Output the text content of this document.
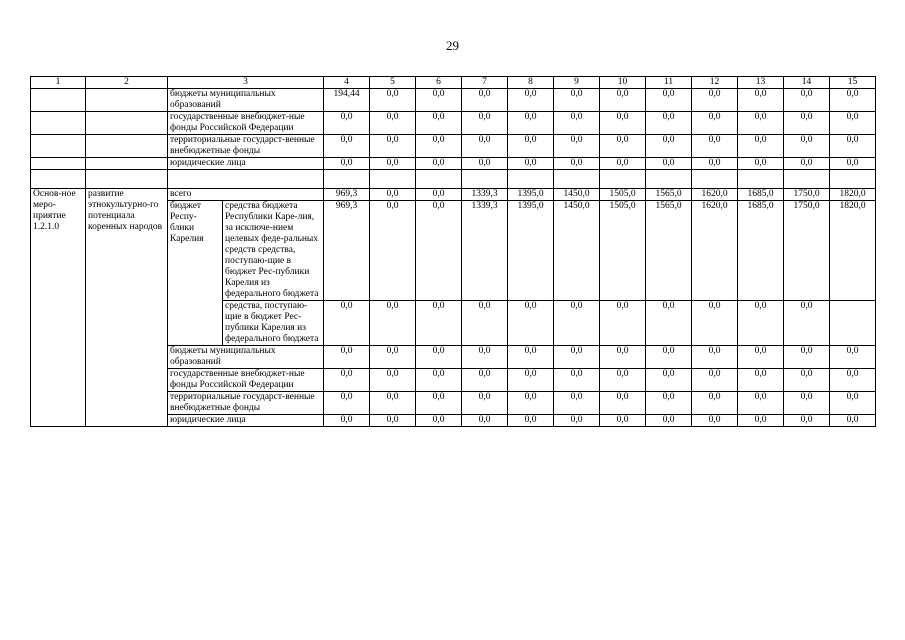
29
1	2	3		4	5	6	7	8	9	10	11	12	13	14	15
		бюджеты муниципальных образований		194,44	0,0	0,0	0,0	0,0	0,0	0,0	0,0	0,0	0,0	0,0	0,0
		государственные внебюджет-ные фонды Российской Федерации		0,0	0,0	0,0	0,0	0,0	0,0	0,0	0,0	0,0	0,0	0,0	0,0
		территориальные государст-венные внебюджетные фонды		0,0	0,0	0,0	0,0	0,0	0,0	0,0	0,0	0,0	0,0	0,0	0,0
		юридические лица		0,0	0,0	0,0	0,0	0,0	0,0	0,0	0,0	0,0	0,0	0,0	0,0

Основ-ное меро-приятие 1.2.1.0	развитие этнокультурно-го потенциала коренных народов	всего		969,3	0,0	0,0	1339,3	1395,0	1450,0	1505,0	1565,0	1620,0	1685,0	1750,0	1820,0
		бюджет Респу-блики Карелия	средства бюджета Республики Каре-лия, за исключе-нием целевых феде-ральных средств средства, поступаю-щие в бюджет Рес-публики Карелия из федерального бюджета	969,3	0,0	0,0	1339,3	1395,0	1450,0	1505,0	1565,0	1620,0	1685,0	1750,0	1820,0
			средства, поступаю-щие в бюджет Рес-публики Карелия из федерального бюджета	0,0	0,0	0,0	0,0	0,0	0,0	0,0	0,0	0,0	0,0	0,0	
		бюджеты муниципальных образований		0,0	0,0	0,0	0,0	0,0	0,0	0,0	0,0	0,0	0,0	0,0	0,0
		государственные внебюджет-ные фонды Российской Федерации		0,0	0,0	0,0	0,0	0,0	0,0	0,0	0,0	0,0	0,0	0,0	0,0
		территориальные государст-венные внебюджетные фонды		0,0	0,0	0,0	0,0	0,0	0,0	0,0	0,0	0,0	0,0	0,0	0,0
		юридические лица		0,0	0,0	0,0	0,0	0,0	0,0	0,0	0,0	0,0	0,0	0,0	0,0
